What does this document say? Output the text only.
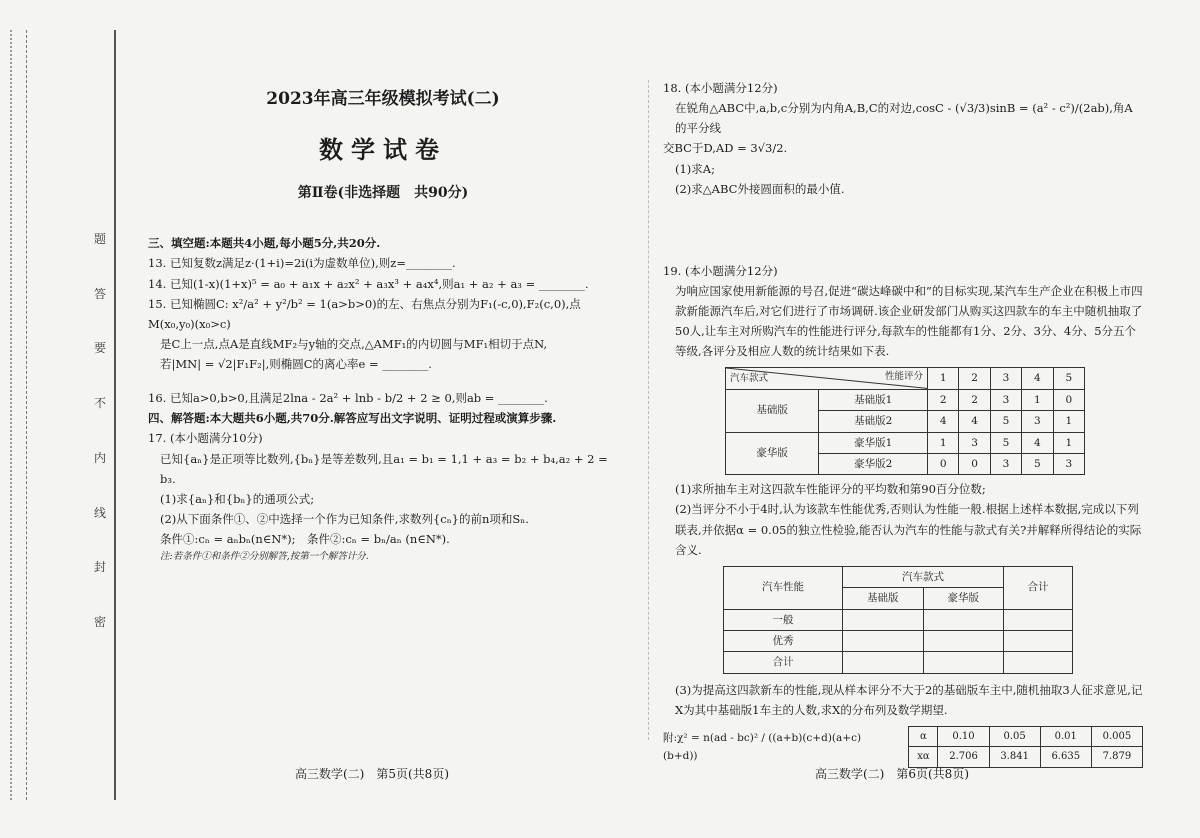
题
答
要
不
内
线
封
密
2023年高三年级模拟考试(二)
数学试卷
第Ⅱ卷(非选择题　共90分)

三、填空题:本题共4小题,每小题5分,共20分.

13. 已知复数z满足z·(1+i)=2i(i为虚数单位),则z=________.

14. 已知(1-x)(1+x)⁵ = a₀ + a₁x + a₂x² + a₃x³ + a₄x⁴,则a₁ + a₂ + a₃ = ________.

15. 已知椭圆C: x²/a² + y²/b² = 1(a>b>0)的左、右焦点分别为F₁(-c,0),F₂(c,0),点M(x₀,y₀)(x₀>c)

是C上一点,点A是直线MF₂与y轴的交点,△AMF₁的内切圆与MF₁相切于点N,

若|MN| = √2|F₁F₂|,则椭圆C的离心率e = ________.

16. 已知a>0,b>0,且满足2lna - 2a² + lnb - b/2 + 2 ≥ 0,则ab = ________.

四、解答题:本大题共6小题,共70分.解答应写出文字说明、证明过程或演算步骤.

17. (本小题满分10分)

已知{aₙ}是正项等比数列,{bₙ}是等差数列,且a₁ = b₁ = 1,1 + a₃ = b₂ + b₄,a₂ + 2 = b₃.

(1)求{aₙ}和{bₙ}的通项公式;

(2)从下面条件①、②中选择一个作为已知条件,求数列{cₙ}的前n项和Sₙ.

条件①:cₙ = aₙbₙ(n∈N*);　条件②:cₙ = bₙ/aₙ (n∈N*).

注:若条件①和条件②分别解答,按第一个解答计分.

18. (本小题满分12分)

在锐角△ABC中,a,b,c分别为内角A,B,C的对边,cosC - (√3/3)sinB = (a² - c²)/(2ab),角A的平分线

交BC于D,AD = 3√3/2.

(1)求A;

(2)求△ABC外接圆面积的最小值.

19. (本小题满分12分)

为响应国家使用新能源的号召,促进“碳达峰碳中和”的目标实现,某汽车生产企业在积极上市四款新能源汽车后,对它们进行了市场调研.该企业研发部门从购买这四款车的车主中随机抽取了50人,让车主对所购汽车的性能进行评分,每款车的性能都有1分、2分、3分、4分、5分五个等级,各评分及相应人数的统计结果如下表.

性能评分
汽车款式		1	2	3	4	5
基础版	基础版1	2	2	3	1	0
	基础版2	4	4	5	3	1
豪华版	豪华版1	1	3	5	4	1
	豪华版2	0	0	3	5	3

(1)求所抽车主对这四款车性能评分的平均数和第90百分位数;

(2)当评分不小于4时,认为该款车性能优秀,否则认为性能一般.根据上述样本数据,完成以下列联表,并依据α = 0.05的独立性检验,能否认为汽车的性能与款式有关?并解释所得结论的实际含义.

汽车性能	汽车款式		合计
	基础版	豪华版	
一般			
优秀			
合计			

(3)为提高这四款新车的性能,现从样本评分不大于2的基础版车主中,随机抽取3人征求意见,记X为其中基础版1车主的人数,求X的分布列及数学期望.

附:χ² = n(ad - bc)² / ((a+b)(c+d)(a+c)(b+d))
α	0.10	0.05	0.01	0.005
xα	2.706	3.841	6.635	7.879
高三数学(二)　第5页(共8页)	高三数学(二)　第6页(共8页)
